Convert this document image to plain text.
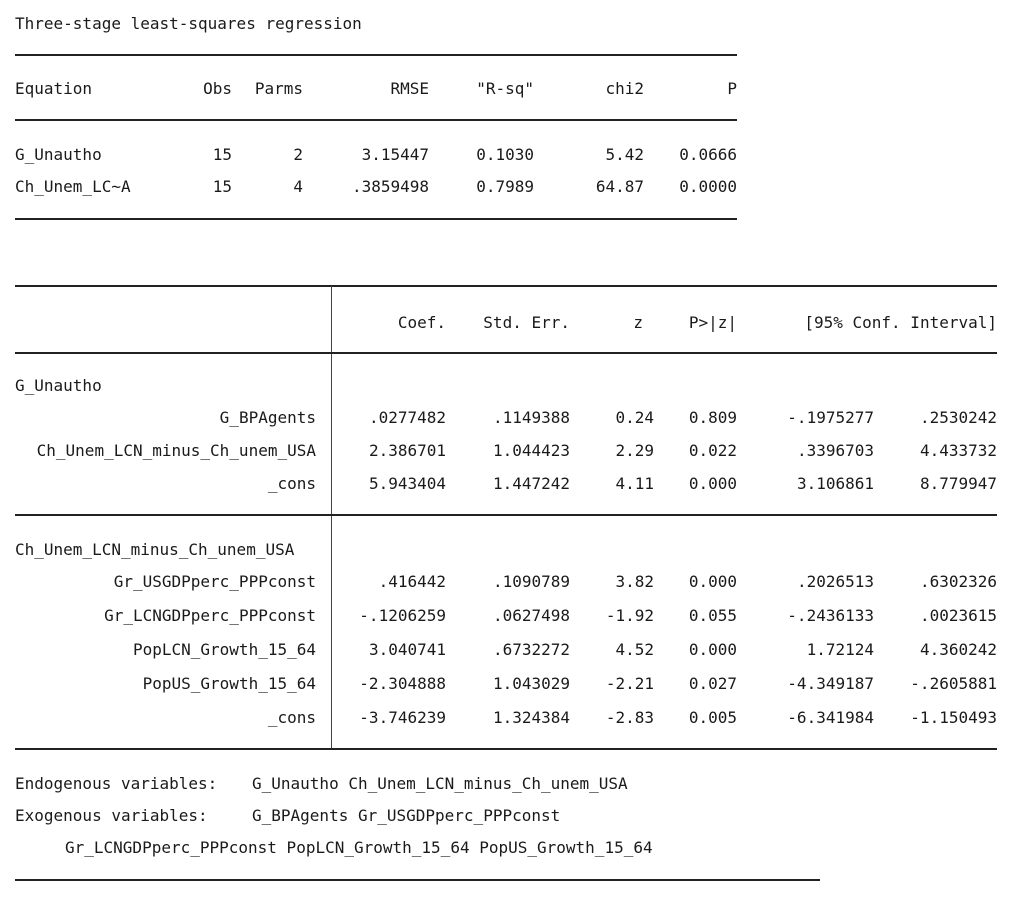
Three-stage least-squares regression
Equation	Obs Parms	RMSE	"R-sq"	chi2	P
G_Unautho	15	2	3.15447	0.1030	5.42 0.0666
Ch_Unem_LC~A	15	4	.3859498	0.7989	64.87 0.0000
Coef. Std. Err.	z	P>|z|	[95% Conf. Interval]
G_Unautho
G_BPAgents	.0277482	.1149388	0.24 0.809	-.1975277	.2530242
Ch_Unem_LCN_minus_Ch_unem_USA	2.386701	1.044423	2.29 0.022	.3396703	4.433732
_cons	5.943404	1.447242	4.11 0.000	3.106861	8.779947
Ch_Unem_LCN_minus_Ch_unem_USA
Gr_USGDPperc_PPPconst	.416442	.1090789	3.82 0.000	.2026513	.6302326
Gr_LCNGDPperc_PPPconst	-.1206259	.0627498 -1.92 0.055	-.2436133	.0023615
PopLCN_Growth_15_64	3.040741	.6732272	4.52 0.000	1.72124	4.360242
PopUS_Growth_15_64	-2.304888	1.043029 -2.21 0.027	-4.349187 -.2605881
_cons	-3.746239	1.324384 -2.83 0.005	-6.341984 -1.150493
Endogenous variables: G_Unautho Ch_Unem_LCN_minus_Ch_unem_USA
Exogenous variables:	G_BPAgents Gr_USGDPperc_PPPconst
Gr_LCNGDPperc_PPPconst PopLCN_Growth_15_64 PopUS_Growth_15_64
